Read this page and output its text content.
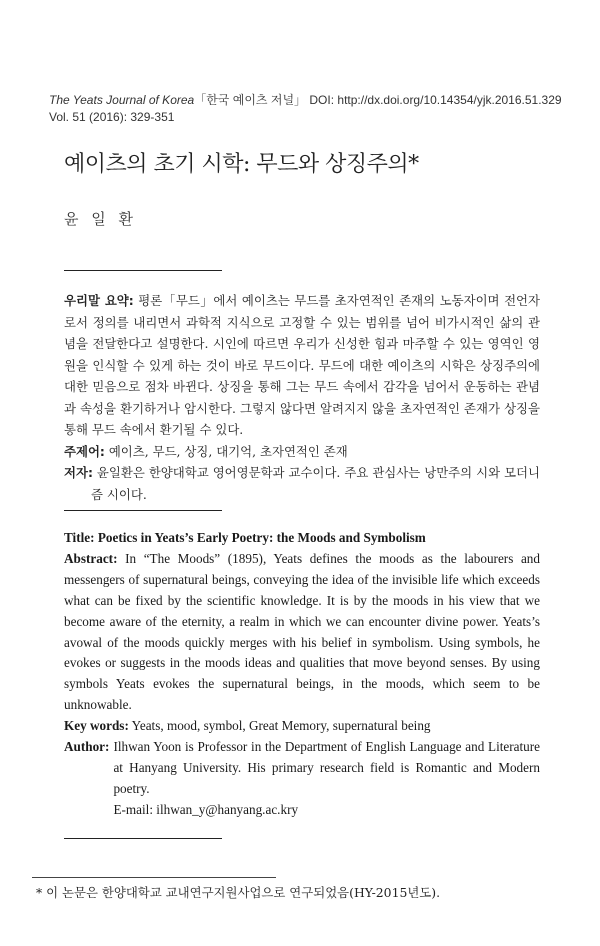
The Yeats Journal of Korea「한국 예이츠 저널」 DOI: http://dx.doi.org/10.14354/yjk.2016.51.329
Vol. 51 (2016): 329-351
예이츠의 초기 시학: 무드와 상징주의*
윤 일 환

우리말 요약: 평론「무드」에서 예이츠는 무드를 초자연적인 존재의 노동자이며 전언자로서 정의를 내리면서 과학적 지식으로 고정할 수 있는 범위를 넘어 비가시적인 삶의 관념을 전달한다고 설명한다. 시인에 따르면 우리가 신성한 힘과 마주할 수 있는 영역인 영원을 인식할 수 있게 하는 것이 바로 무드이다. 무드에 대한 예이츠의 시학은 상징주의에 대한 믿음으로 점차 바뀐다. 상징을 통해 그는 무드 속에서 감각을 넘어서 운동하는 관념과 속성을 환기하거나 암시한다. 그렇지 않다면 알려지지 않을 초자연적인 존재가 상징을 통해 무드 속에서 환기될 수 있다.

주제어: 예이츠, 무드, 상징, 대기억, 초자연적인 존재

저자: 윤일환은 한양대학교 영어영문학과 교수이다. 주요 관심사는 낭만주의 시와 모더니즘 시이다.

Title: Poetics in Yeats’s Early Poetry: the Moods and Symbolism

Abstract: In “The Moods” (1895), Yeats defines the moods as the labourers and messengers of supernatural beings, conveying the idea of the invisible life which exceeds what can be fixed by the scientific knowledge. It is by the moods in his view that we become aware of the eternity, a realm in which we can encounter divine power. Yeats’s avowal of the moods quickly merges with his belief in symbolism. Using symbols, he evokes or suggests in the moods ideas and qualities that move beyond senses. By using symbols Yeats evokes the supernatural beings, in the moods, which seem to be unknowable.

Key words: Yeats, mood, symbol, Great Memory, supernatural being

Author: Ilhwan Yoon is Professor in the Department of English Language and Literature at Hanyang University. His primary research field is Romantic and Modern poetry.
E-mail: ilhwan_y@hanyang.ac.kry
* 이 논문은 한양대학교 교내연구지원사업으로 연구되었음(HY-2015년도).
